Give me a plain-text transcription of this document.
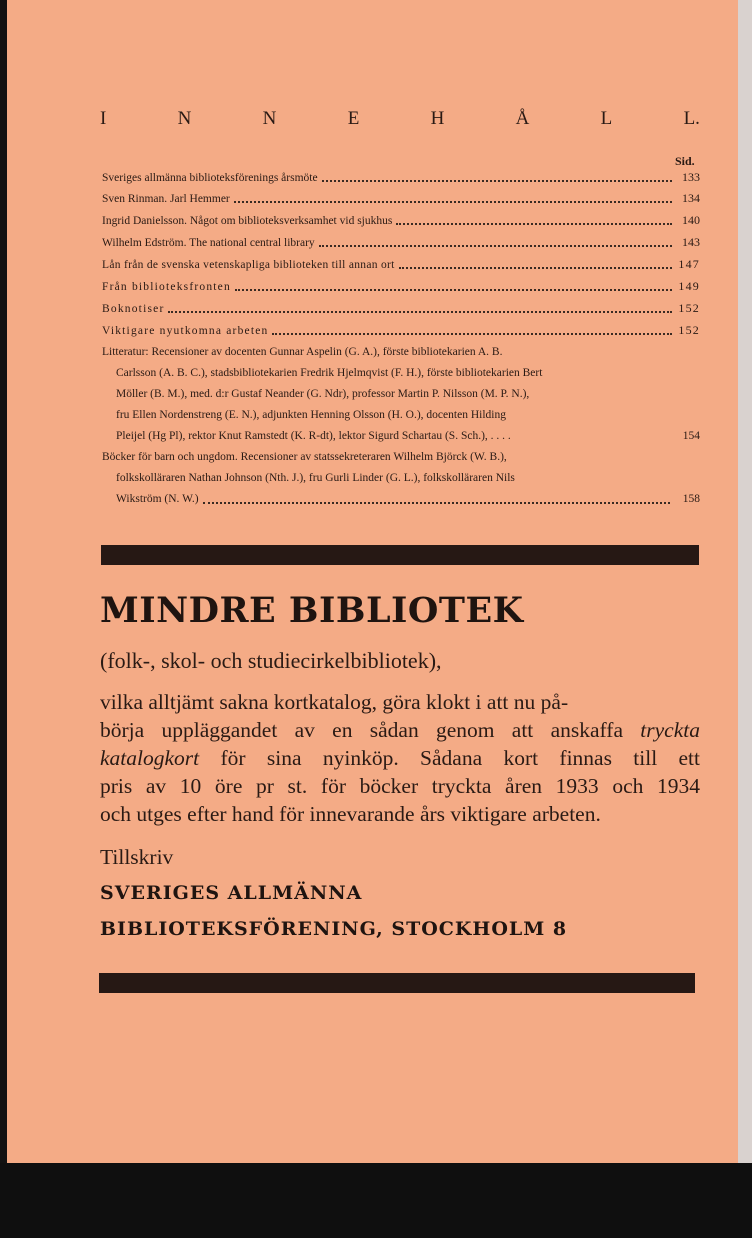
I	N	N	E	H	Å	L	L.
Sid.
Sveriges allmänna biblioteksförenings årsmöte	133
Sven Rinman. Jarl Hemmer	134
Ingrid Danielsson. Något om biblioteksverksamhet vid sjukhus	140
Wilhelm Edström. The national central library	143
Lån från de svenska vetenskapliga biblioteken till annan ort	147
Från biblioteksfronten	149
Boknotiser	152
Viktigare nyutkomna arbeten	152
Litteratur: Recensioner av docenten Gunnar Aspelin (G. A.), förste bibliotekarien A. B.
Carlsson (A. B. C.), stadsbibliotekarien Fredrik Hjelmqvist (F. H.), förste bibliotekarien Bert
Möller (B. M.), med. d:r Gustaf Neander (G. Ndr), professor Martin P. Nilsson (M. P. N.),
fru Ellen Nordenstreng (E. N.), adjunkten Henning Olsson (H. O.), docenten Hilding
Pleijel (Hg Pl), rektor Knut Ramstedt (K. R-dt), lektor Sigurd Schartau (S. Sch.), . . . .	154
Böcker för barn och ungdom. Recensioner av statssekreteraren Wilhelm Björck (W. B.),
folkskolläraren Nathan Johnson (Nth. J.), fru Gurli Linder (G. L.), folkskolläraren Nils
Wikström (N. W.)	158
MINDRE BIBLIOTEK
(folk-, skol- och studiecirkelbibliotek),
vilka alltjämt sakna kortkatalog, göra klokt i att nu på-
börja uppläggandet av en sådan genom att anskaffa tryckta
katalogkort för sina nyinköp. Sådana kort finnas till ett
pris av 10 öre pr st. för böcker tryckta åren 1933 och 1934
och utges efter hand för innevarande års viktigare arbeten.
Tillskriv
SVERIGES ALLMÄNNA
BIBLIOTEKSFÖRENING, STOCKHOLM 8
